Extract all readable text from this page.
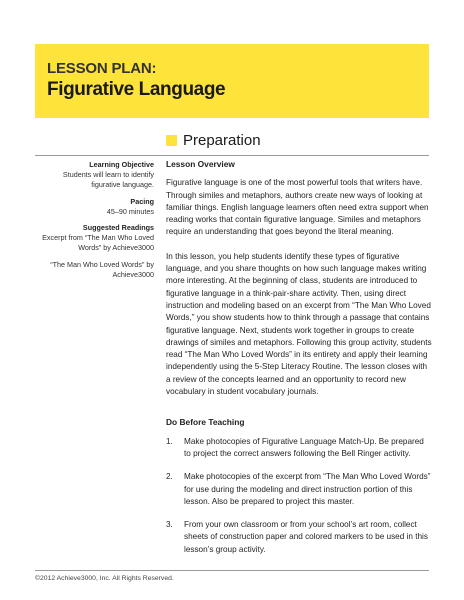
LESSON PLAN:
Figurative Language
Preparation
Learning Objective
Students will learn to identify figurative language.
Pacing
45–90 minutes
Suggested Readings
Excerpt from “The Man Who Loved Words” by Achieve3000
“The Man Who Loved Words” by Achieve3000
Lesson Overview

Figurative language is one of the most powerful tools that writers have. Through similes and metaphors, authors create new ways of looking at familiar things. English language learners often need extra support when reading works that contain figurative language. Similes and metaphors require an understanding that goes beyond the literal meaning.

In this lesson, you help students identify these types of figurative language, and you share thoughts on how such language makes writing more interesting. At the beginning of class, students are introduced to figurative language in a think-pair-share activity. Then, using direct instruction and modeling based on an excerpt from “The Man Who Loved Words,” you show students how to think through a passage that contains figurative language. Next, students work together in groups to create drawings of similes and metaphors. Following this group activity, students read “The Man Who Loved Words” in its entirety and apply their learning independently using the 5-Step Literacy Routine. The lesson closes with a review of the concepts learned and an opportunity to record new vocabulary in student vocabulary journals.

Do Before Teaching
1.	Make photocopies of Figurative Language Match-Up. Be prepared to project the correct answers following the Bell Ringer activity.
2.	Make photocopies of the excerpt from “The Man Who Loved Words” for use during the modeling and direct instruction portion of this lesson. Also be prepared to project this master.
3.	From your own classroom or from your school’s art room, collect sheets of construction paper and colored markers to be used in this lesson’s group activity.
©2012 Achieve3000, Inc. All Rights Reserved.
